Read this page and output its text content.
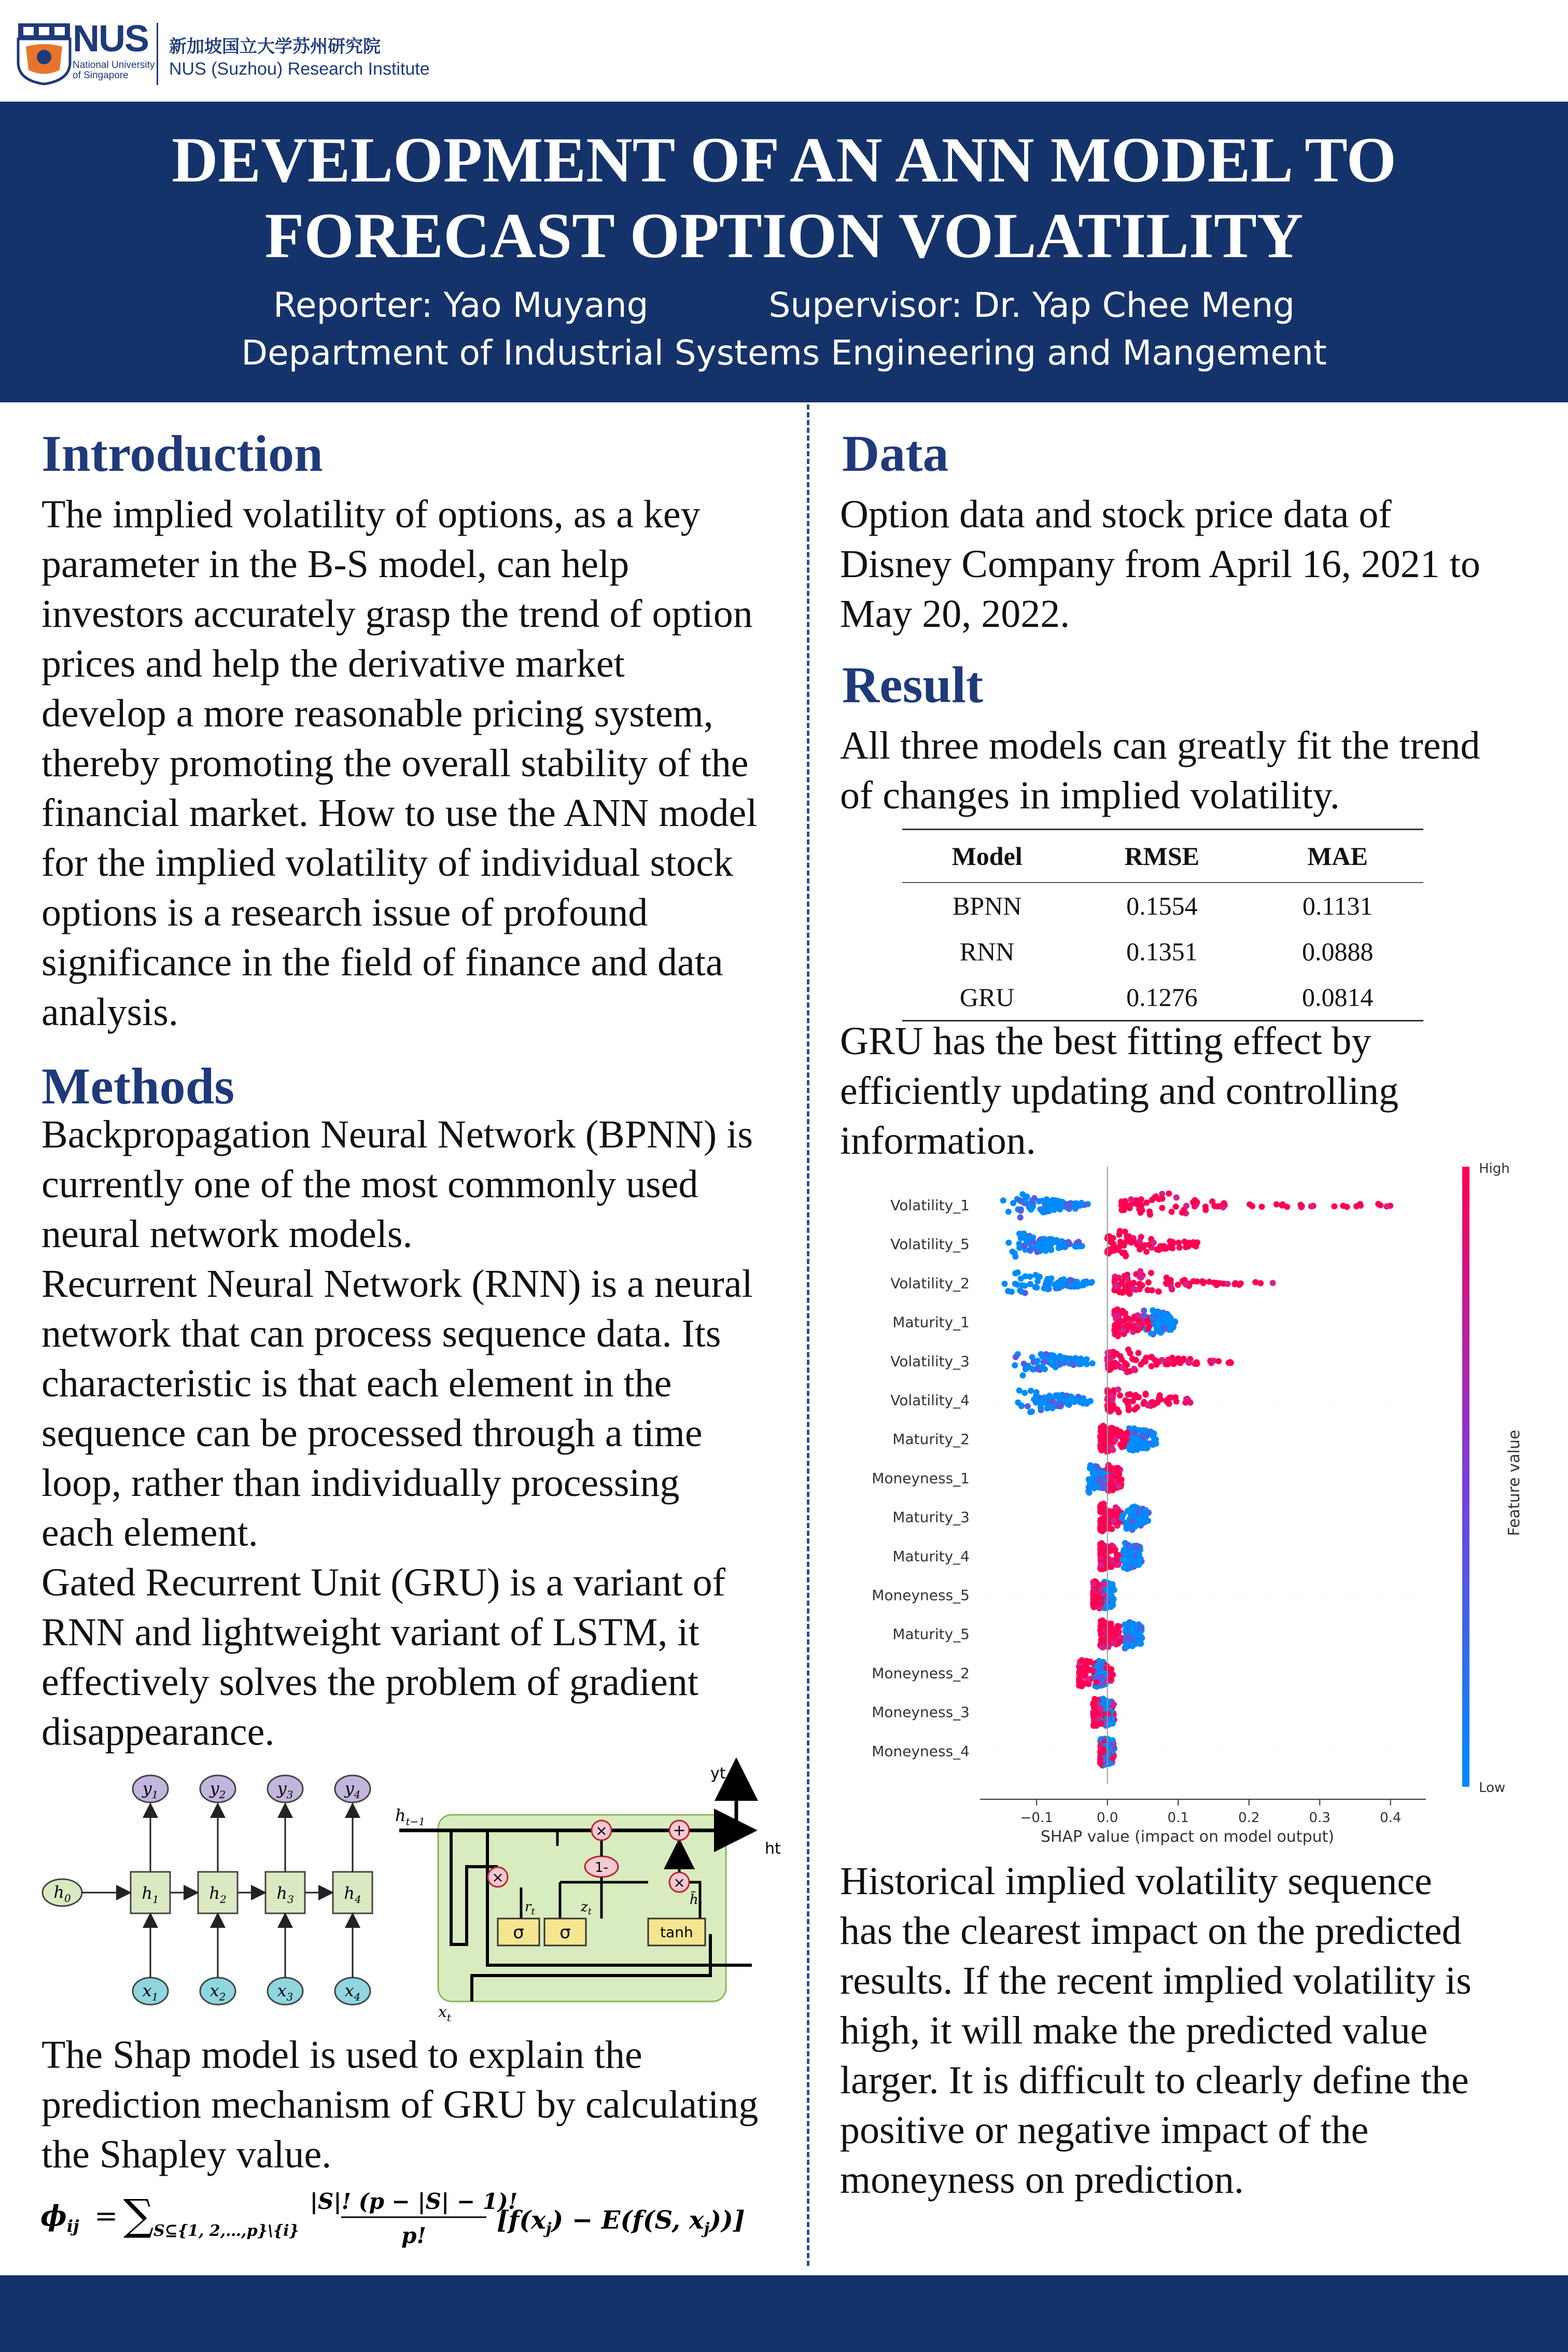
NUS
National University
of Singapore
新加坡国立大学苏州研究院
NUS (Suzhou) Research Institute
DEVELOPMENT OF AN ANN MODEL TO
FORECAST OPTION VOLATILITY
Reporter: Yao Muyang	Supervisor: Dr. Yap Chee Meng
Department of Industrial Systems Engineering and Mangement
Introduction
The implied volatility of options, as a key
parameter in the B-S model, can help
investors accurately grasp the trend of option
prices and help the derivative market
develop a more reasonable pricing system,
thereby promoting the overall stability of the
financial market. How to use the ANN model
for the implied volatility of individual stock
options is a research issue of profound
significance in the field of finance and data
analysis.
Methods
Backpropagation Neural Network (BPNN) is
currently one of the most commonly used
neural network models.
Recurrent Neural Network (RNN) is a neural
network that can process sequence data. Its
characteristic is that each element in the
sequence can be processed through a time
loop, rather than individually processing
each element.
Gated Recurrent Unit (GRU) is a variant of
RNN and lightweight variant of LSTM, it
effectively solves the problem of gradient
disappearance.
$h_0$	$h_1$
$y_1$
$x_1$
$h_2$
$y_2$
$x_2$
$h_3$
$y_3$
$x_3$
$h_4$
$y_4$
$x_4$
yt
ht
$h_{t-1}$
$x_t$
σ σ	tanh
×
×	+
×
1-
$r_t$	$z_t$
$h̃_t$
The Shap model is used to explain the
prediction mechanism of GRU by calculating
the Shapley value.
$\phi_{ij}$ = ∑ S⊆{1, 2,…,p}\{i}
|S|! (p − |S| − 1)!
p!
[$f(x_j) - E(f(S$, $x_j$))]
Data
Option data and stock price data of
Disney Company from April 16, 2021 to
May 20, 2022.
Result
All three models can greatly fit the trend
of changes in implied volatility.
Model	RMSE	MAE
BPNN	0.1554	0.1131
RNN	0.1351	0.0888
GRU	0.1276	0.0814
GRU has the best fitting effect by
efficiently updating and controlling
information.
Volatility_1
Volatility_5
Volatility_2
Maturity_1
Volatility_3
Volatility_4
Maturity_2
Moneyness_1
Maturity_3
Maturity_4
Moneyness_5
Maturity_5
Moneyness_2
Moneyness_3
Moneyness_4
−0.1	0.0	0.1	0.2	0.3	0.4
SHAP value (impact on model output)
High
Low
Feature value
Historical implied volatility sequence
has the clearest impact on the predicted
results. If the recent implied volatility is
high, it will make the predicted value
larger. It is difficult to clearly define the
positive or negative impact of the
moneyness on prediction.
